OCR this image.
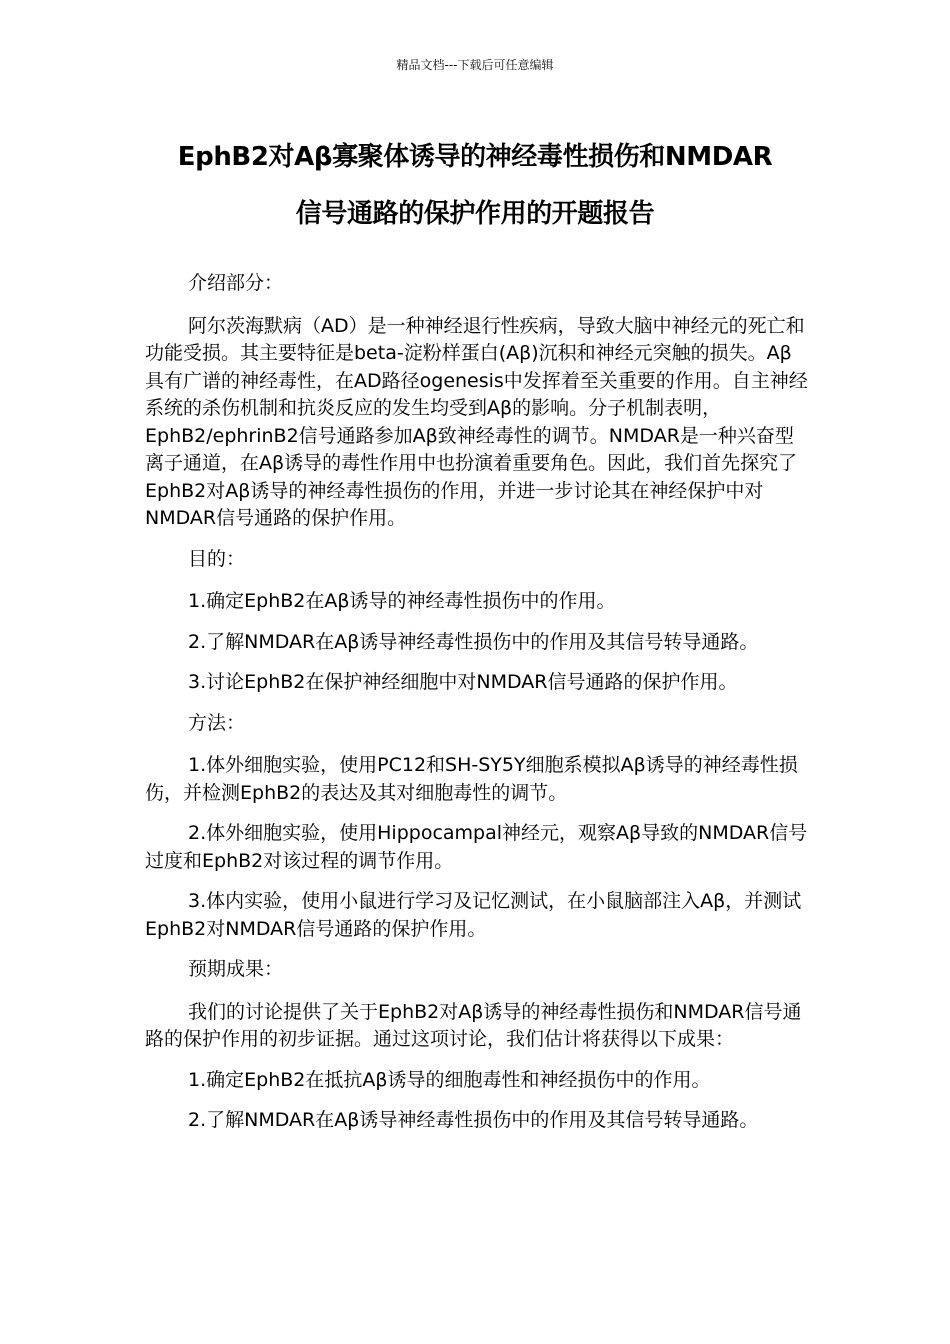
精品文档---下载后可任意编辑
EphB2对Aβ寡聚体诱导的神经毒性损伤和NMDAR
信号通路的保护作用的开题报告

介绍部分：

阿尔茨海默病（AD）是一种神经退行性疾病，导致大脑中神经元的死亡和功能受损。其主要特征是beta-淀粉样蛋白(Aβ)沉积和神经元突触的损失。Aβ具有广谱的神经毒性，在AD路径ogenesis中发挥着至关重要的作用。自主神经系统的杀伤机制和抗炎反应的发生均受到Aβ的影响。分子机制表明，EphB2/ephrinB2信号通路参加Aβ致神经毒性的调节。NMDAR是一种兴奋型离子通道，在Aβ诱导的毒性作用中也扮演着重要角色。因此，我们首先探究了EphB2对Aβ诱导的神经毒性损伤的作用，并进一步讨论其在神经保护中对NMDAR信号通路的保护作用。

目的：

1.确定EphB2在Aβ诱导的神经毒性损伤中的作用。

2.了解NMDAR在Aβ诱导神经毒性损伤中的作用及其信号转导通路。

3.讨论EphB2在保护神经细胞中对NMDAR信号通路的保护作用。

方法：

1.体外细胞实验，使用PC12和SH-SY5Y细胞系模拟Aβ诱导的神经毒性损伤，并检测EphB2的表达及其对细胞毒性的调节。

2.体外细胞实验，使用Hippocampal神经元，观察Aβ导致的NMDAR信号过度和EphB2对该过程的调节作用。

3.体内实验，使用小鼠进行学习及记忆测试，在小鼠脑部注入Aβ，并测试EphB2对NMDAR信号通路的保护作用。

预期成果：

我们的讨论提供了关于EphB2对Aβ诱导的神经毒性损伤和NMDAR信号通路的保护作用的初步证据。通过这项讨论，我们估计将获得以下成果：

1.确定EphB2在抵抗Aβ诱导的细胞毒性和神经损伤中的作用。

2.了解NMDAR在Aβ诱导神经毒性损伤中的作用及其信号转导通路。
